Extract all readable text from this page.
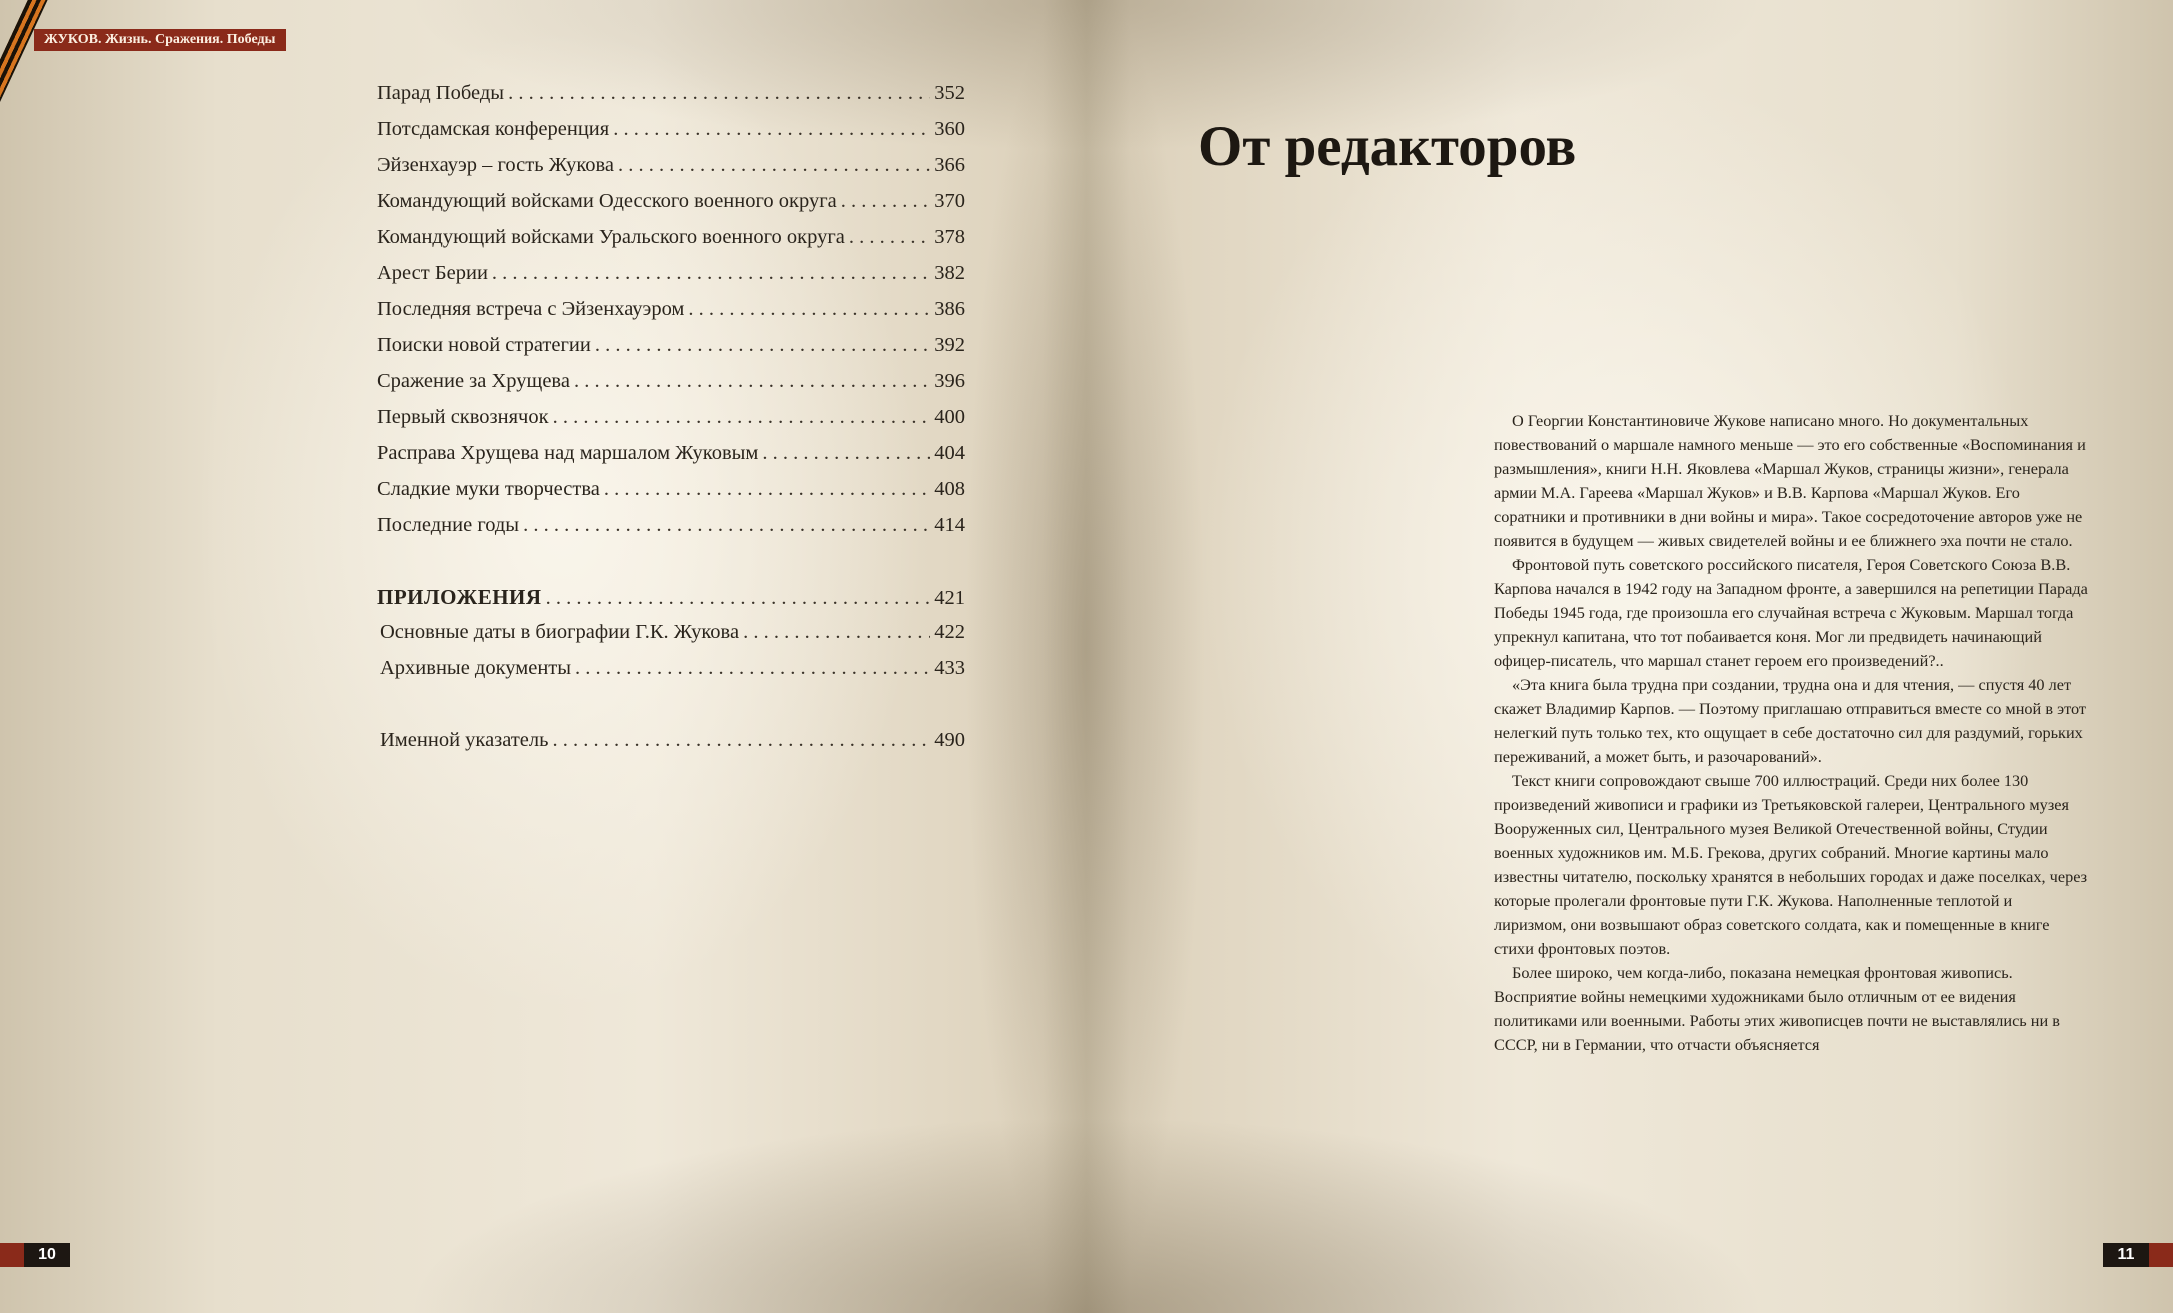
ЖУКОВ. Жизнь. Сражения. Победы
Парад Победы . . .	352
Потсдамская конференция . . .	360
Эйзенхауэр – гость Жукова . . .	366
Командующий войсками Одесского военного округа . . .	370
Командующий войсками Уральского военного округа . . .	378
Арест Берии . . .	382
Последняя встреча с Эйзенхауэром . . .	386
Поиски новой стратегии . . .	392
Сражение за Хрущева . . .	396
Первый сквознячок . . .	400
Расправа Хрущева над маршалом Жуковым . . .	404
Сладкие муки творчества . . .	408
Последние годы . . .	414
ПРИЛОЖЕНИЯ . . .	421
Основные даты в биографии Г.К. Жукова . . .	422
Архивные документы . . .	433
Именной указатель . . .	490
От редакторов

О Георгии Константиновиче Жукове написано много. Но документальных повествований о маршале намного меньше — это его собственные «Воспоминания и размышления», книги Н.Н. Яковлева «Маршал Жуков, страницы жизни», генерала армии М.А. Гареева «Маршал Жуков» и В.В. Карпова «Маршал Жуков. Его соратники и противники в дни войны и мира». Такое сосредоточение авторов уже не появится в будущем — живых свидетелей войны и ее ближнего эха почти не стало.

Фронтовой путь советского российского писателя, Героя Советского Союза В.В. Карпова начался в 1942 году на Западном фронте, а завершился на репетиции Парада Победы 1945 года, где произошла его случайная встреча с Жуковым. Маршал тогда упрекнул капитана, что тот побаивается коня. Мог ли предвидеть начинающий офицер-писатель, что маршал станет героем его произведений?..

«Эта книга была трудна при создании, трудна она и для чтения, — спустя 40 лет скажет Владимир Карпов. — Поэтому приглашаю отправиться вместе со мной в этот нелегкий путь только тех, кто ощущает в себе достаточно сил для раздумий, горьких переживаний, а может быть, и разочарований».

Текст книги сопровождают свыше 700 иллюстраций. Среди них более 130 произведений живописи и графики из Третьяковской галереи, Центрального музея Вооруженных сил, Центрального музея Великой Отечественной войны, Студии военных художников им. М.Б. Грекова, других собраний. Многие картины мало известны читателю, поскольку хранятся в небольших городах и даже поселках, через которые пролегали фронтовые пути Г.К. Жукова. Наполненные теплотой и лиризмом, они возвышают образ советского солдата, как и помещенные в книге стихи фронтовых поэтов.

Более широко, чем когда-либо, показана немецкая фронтовая живопись. Восприятие войны немецкими художниками было отличным от ее видения политиками или военными. Работы этих живописцев почти не выставлялись ни в СССР, ни в Германии, что отчасти объясняется

10	11
